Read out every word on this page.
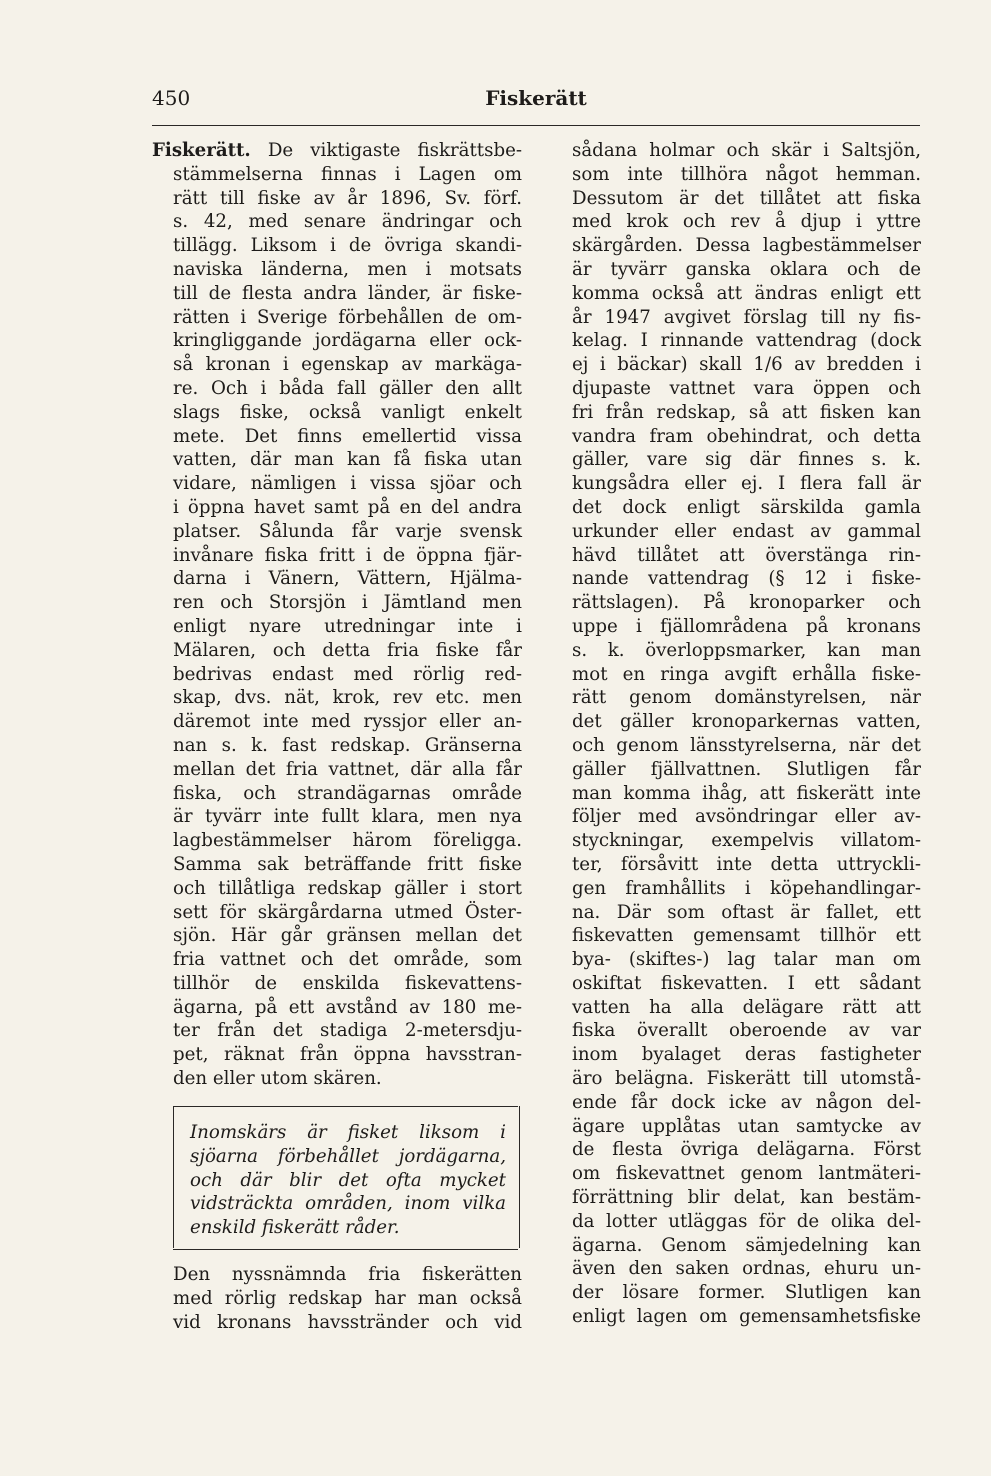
450	Fiskerätt
Fiskerätt. De viktigaste fiskrättsbe-
stämmelserna finnas i Lagen om
rätt till fiske av år 1896, Sv. förf.
s. 42, med senare ändringar och
tillägg. Liksom i de övriga skandi-
naviska länderna, men i motsats
till de flesta andra länder, är fiske-
rätten i Sverige förbehållen de om-
kringliggande jordägarna eller ock-
så kronan i egenskap av markäga-
re. Och i båda fall gäller den allt
slags fiske, också vanligt enkelt
mete. Det finns emellertid vissa
vatten, där man kan få fiska utan
vidare, nämligen i vissa sjöar och
i öppna havet samt på en del andra
platser. Sålunda får varje svensk
invånare fiska fritt i de öppna fjär-
darna i Vänern, Vättern, Hjälma-
ren och Storsjön i Jämtland men
enligt nyare utredningar inte i
Mälaren, och detta fria fiske får
bedrivas endast med rörlig red-
skap, dvs. nät, krok, rev etc. men
däremot inte med ryssjor eller an-
nan s. k. fast redskap. Gränserna
mellan det fria vattnet, där alla får
fiska, och strandägarnas område
är tyvärr inte fullt klara, men nya
lagbestämmelser härom föreligga.
Samma sak beträffande fritt fiske
och tillåtliga redskap gäller i stort
sett för skärgårdarna utmed Öster-
sjön. Här går gränsen mellan det
fria vattnet och det område, som
tillhör de enskilda fiskevattens-
ägarna, på ett avstånd av 180 me-
ter från det stadiga 2-metersdju-
pet, räknat från öppna havsstran-
den eller utom skären.
Inomskärs är fisket liksom i
sjöarna förbehållet jordägarna,
och där blir det ofta mycket
vidsträckta områden, inom vilka
enskild fiskerätt råder.
Den nyssnämnda fria fiskerätten
med rörlig redskap har man också
vid kronans havsstränder och vid
sådana holmar och skär i Saltsjön,
som inte tillhöra något hemman.
Dessutom är det tillåtet att fiska
med krok och rev å djup i yttre
skärgården. Dessa lagbestämmelser
är tyvärr ganska oklara och de
komma också att ändras enligt ett
år 1947 avgivet förslag till ny fis-
kelag. I rinnande vattendrag (dock
ej i bäckar) skall 1/6 av bredden i
djupaste vattnet vara öppen och
fri från redskap, så att fisken kan
vandra fram obehindrat, och detta
gäller, vare sig där finnes s. k.
kungsådra eller ej. I flera fall är
det dock enligt särskilda gamla
urkunder eller endast av gammal
hävd tillåtet att överstänga rin-
nande vattendrag (§ 12 i fiske-
rättslagen). På kronoparker och
uppe i fjällområdena på kronans
s. k. överloppsmarker, kan man
mot en ringa avgift erhålla fiske-
rätt genom domänstyrelsen, när
det gäller kronoparkernas vatten,
och genom länsstyrelserna, när det
gäller fjällvattnen. Slutligen får
man komma ihåg, att fiskerätt inte
följer med avsöndringar eller av-
styckningar, exempelvis villatom-
ter, försåvitt inte detta uttryckli-
gen framhållits i köpehandlingar-
na. Där som oftast är fallet, ett
fiskevatten gemensamt tillhör ett
bya- (skiftes-) lag talar man om
oskiftat fiskevatten. I ett sådant
vatten ha alla delägare rätt att
fiska överallt oberoende av var
inom byalaget deras fastigheter
äro belägna. Fiskerätt till utomstå-
ende får dock icke av någon del-
ägare upplåtas utan samtycke av
de flesta övriga delägarna. Först
om fiskevattnet genom lantmäteri-
förrättning blir delat, kan bestäm-
da lotter utläggas för de olika del-
ägarna. Genom sämjedelning kan
även den saken ordnas, ehuru un-
der lösare former. Slutligen kan
enligt lagen om gemensamhetsfiske
